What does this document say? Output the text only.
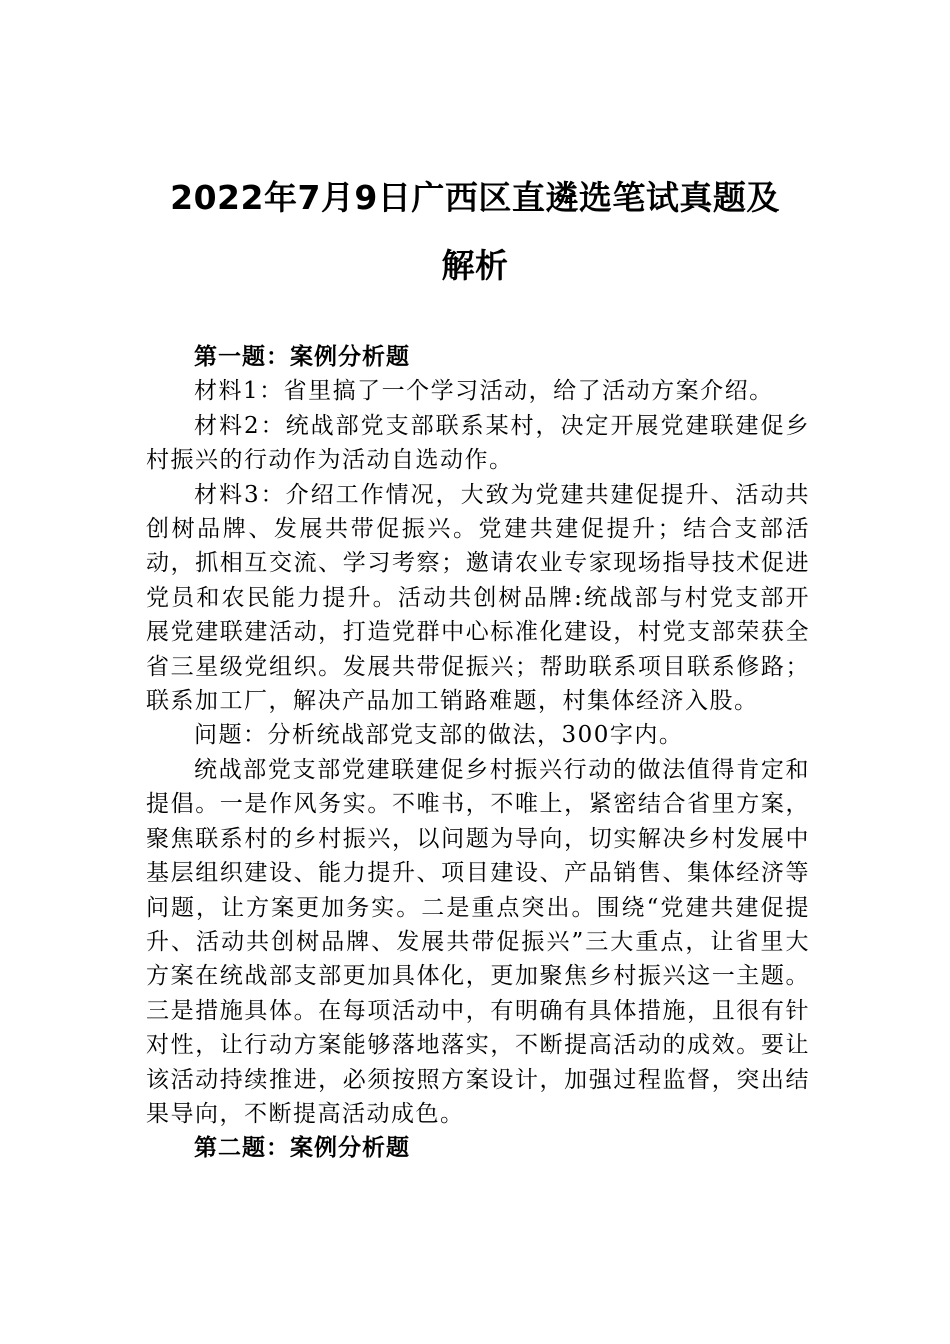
2022年7月9日广西区直遴选笔试真题及
解析

第一题：案例分析题

材料1：省里搞了一个学习活动，给了活动方案介绍。

材料2：统战部党支部联系某村，决定开展党建联建促乡村振兴的行动作为活动自选动作。

材料3：介绍工作情况，大致为党建共建促提升、活动共创树品牌、发展共带促振兴。党建共建促提升；结合支部活动，抓相互交流、学习考察；邀请农业专家现场指导技术促进党员和农民能力提升。活动共创树品牌:统战部与村党支部开展党建联建活动，打造党群中心标准化建设，村党支部荣获全省三星级党组织。发展共带促振兴；帮助联系项目联系修路；联系加工厂，解决产品加工销路难题，村集体经济入股。

问题：分析统战部党支部的做法，300字内。

统战部党支部党建联建促乡村振兴行动的做法值得肯定和提倡。一是作风务实。不唯书，不唯上，紧密结合省里方案，聚焦联系村的乡村振兴，以问题为导向，切实解决乡村发展中基层组织建设、能力提升、项目建设、产品销售、集体经济等问题，让方案更加务实。二是重点突出。围绕“党建共建促提升、活动共创树品牌、发展共带促振兴”三大重点，让省里大方案在统战部支部更加具体化，更加聚焦乡村振兴这一主题。三是措施具体。在每项活动中，有明确有具体措施，且很有针对性，让行动方案能够落地落实，不断提高活动的成效。要让该活动持续推进，必须按照方案设计，加强过程监督，突出结果导向，不断提高活动成色。

第二题：案例分析题
